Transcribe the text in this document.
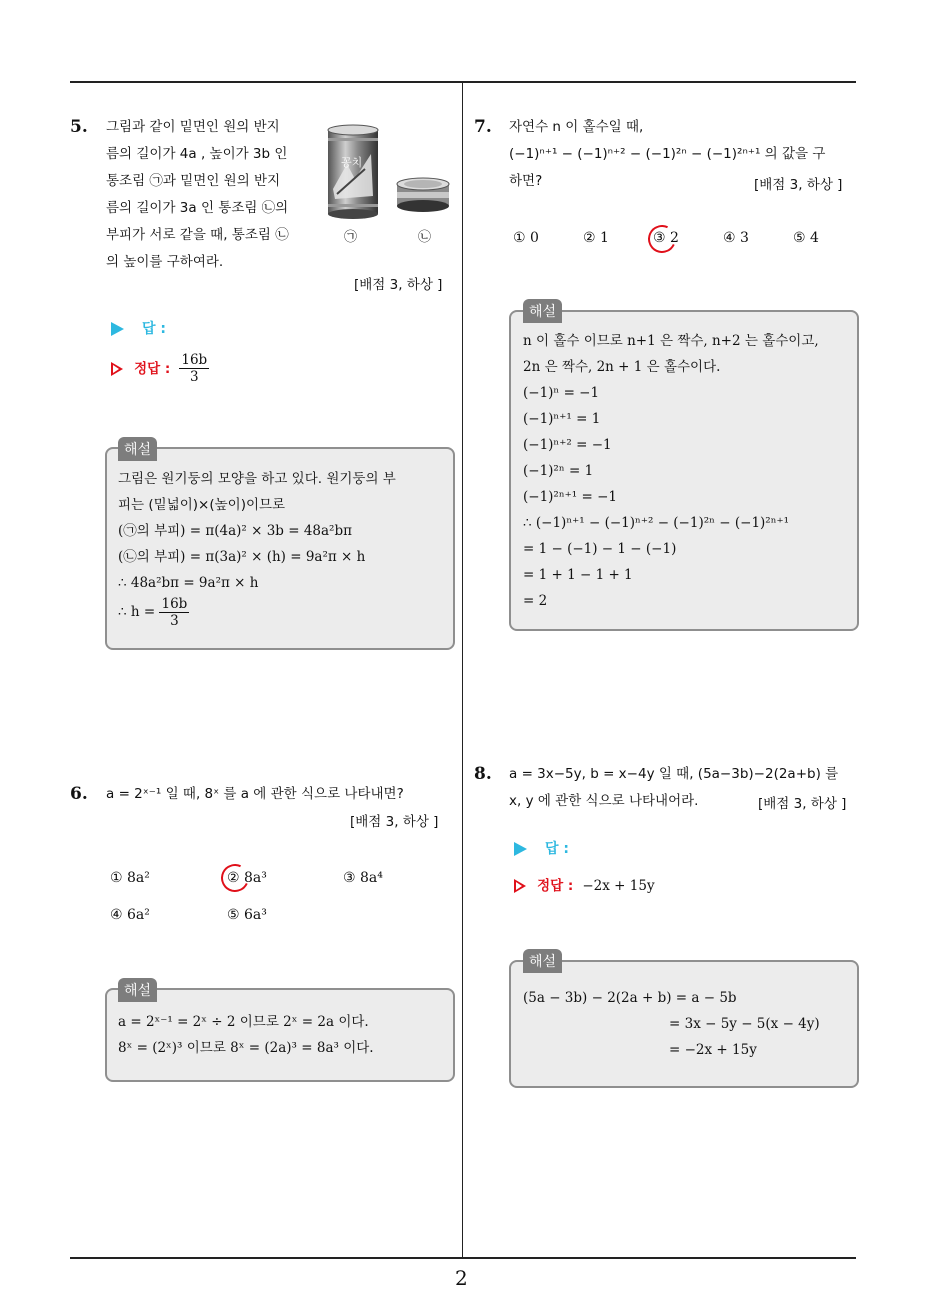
2
5. 그림과 같이 밑면인 원의 반지
름의 길이가 4a , 높이가 3b 인
통조림 ㉠과 밑면인 원의 반지
름의 길이가 3a 인 통조림 ㉡의
부피가 서로 같을 때, 통조림 ㉡
의 높이를 구하여라.
꽁치
㉠	㉡
[배점 3, 하상 ]
답 :
정답 : $\frac{16b}{3}$
해설
그림은 원기둥의 모양을 하고 있다. 원기둥의 부
피는 (밑넓이)×(높이)이므로
(㉠의 부피) = π(4a)² × 3b = 48a²bπ
(㉡의 부피) = π(3a)² × (h) = 9a²π × h
∴ 48a²bπ = 9a²π × h
∴ $h = \frac{16b}{3}$
6. a = 2ˣ⁻¹ 일 때, 8ˣ 를 a 에 관한 식으로 나타내면?
[배점 3, 하상 ]
① 8a²	② 8a³	③ 8a⁴
④ 6a²	⑤ 6a³
해설
a = 2ˣ⁻¹ = 2ˣ ÷ 2 이므로 2ˣ = 2a 이다.
8ˣ = (2ˣ)³ 이므로 8ˣ = (2a)³ = 8a³ 이다.
7. 자연수 n 이 홀수일 때,
(−1)ⁿ⁺¹ − (−1)ⁿ⁺² − (−1)²ⁿ − (−1)²ⁿ⁺¹ 의 값을 구
하면?	[배점 3, 하상 ]
① 0	② 1	③ 2	④ 3	⑤ 4
해설
n 이 홀수 이므로 n+1 은 짝수, n+2 는 홀수이고,
2n 은 짝수, 2n + 1 은 홀수이다.
(−1)ⁿ = −1
(−1)ⁿ⁺¹ = 1
(−1)ⁿ⁺² = −1
(−1)²ⁿ = 1
(−1)²ⁿ⁺¹ = −1
∴ (−1)ⁿ⁺¹ − (−1)ⁿ⁺² − (−1)²ⁿ − (−1)²ⁿ⁺¹
= 1 − (−1) − 1 − (−1)
= 1 + 1 − 1 + 1
= 2
8. a = 3x−5y, b = x−4y 일 때, (5a−3b)−2(2a+b) 를
x, y 에 관한 식으로 나타내어라.	[배점 3, 하상 ]
답 :
정답 : −2x + 15y
해설
(5a − 3b) − 2(2a + b) = a − 5b
= 3x − 5y − 5(x − 4y)
= −2x + 15y
